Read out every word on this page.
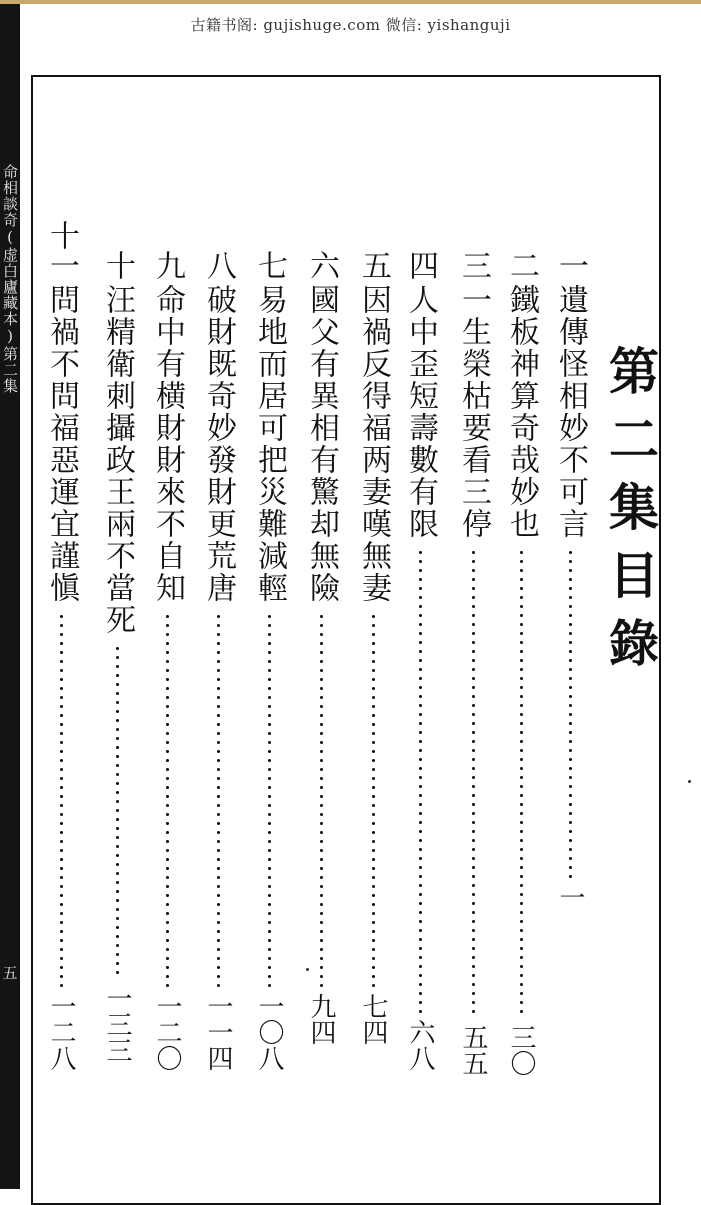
古籍书阁: gujishuge.com 微信: yishanguji
命相談奇(虚白廬藏本)第二集
五
第二集目錄
一
遺傳怪相妙不可言
一
二
鐵板神算奇哉妙也
三〇
三
一生榮枯要看三停
五五
四
人中歪短壽數有限
六八
五
因禍反得福两妻嘆無妻
七四
六
國父有異相有驚却無險
九四
七
易地而居可把災難減輕
一〇八
八
破財既奇妙發財更荒唐
一一四
九
命中有横財財來不自知
一二〇
十
汪精衛刺攝政王兩不當死
一三三
十一
問禍不問福惡運宜謹愼
一二八
